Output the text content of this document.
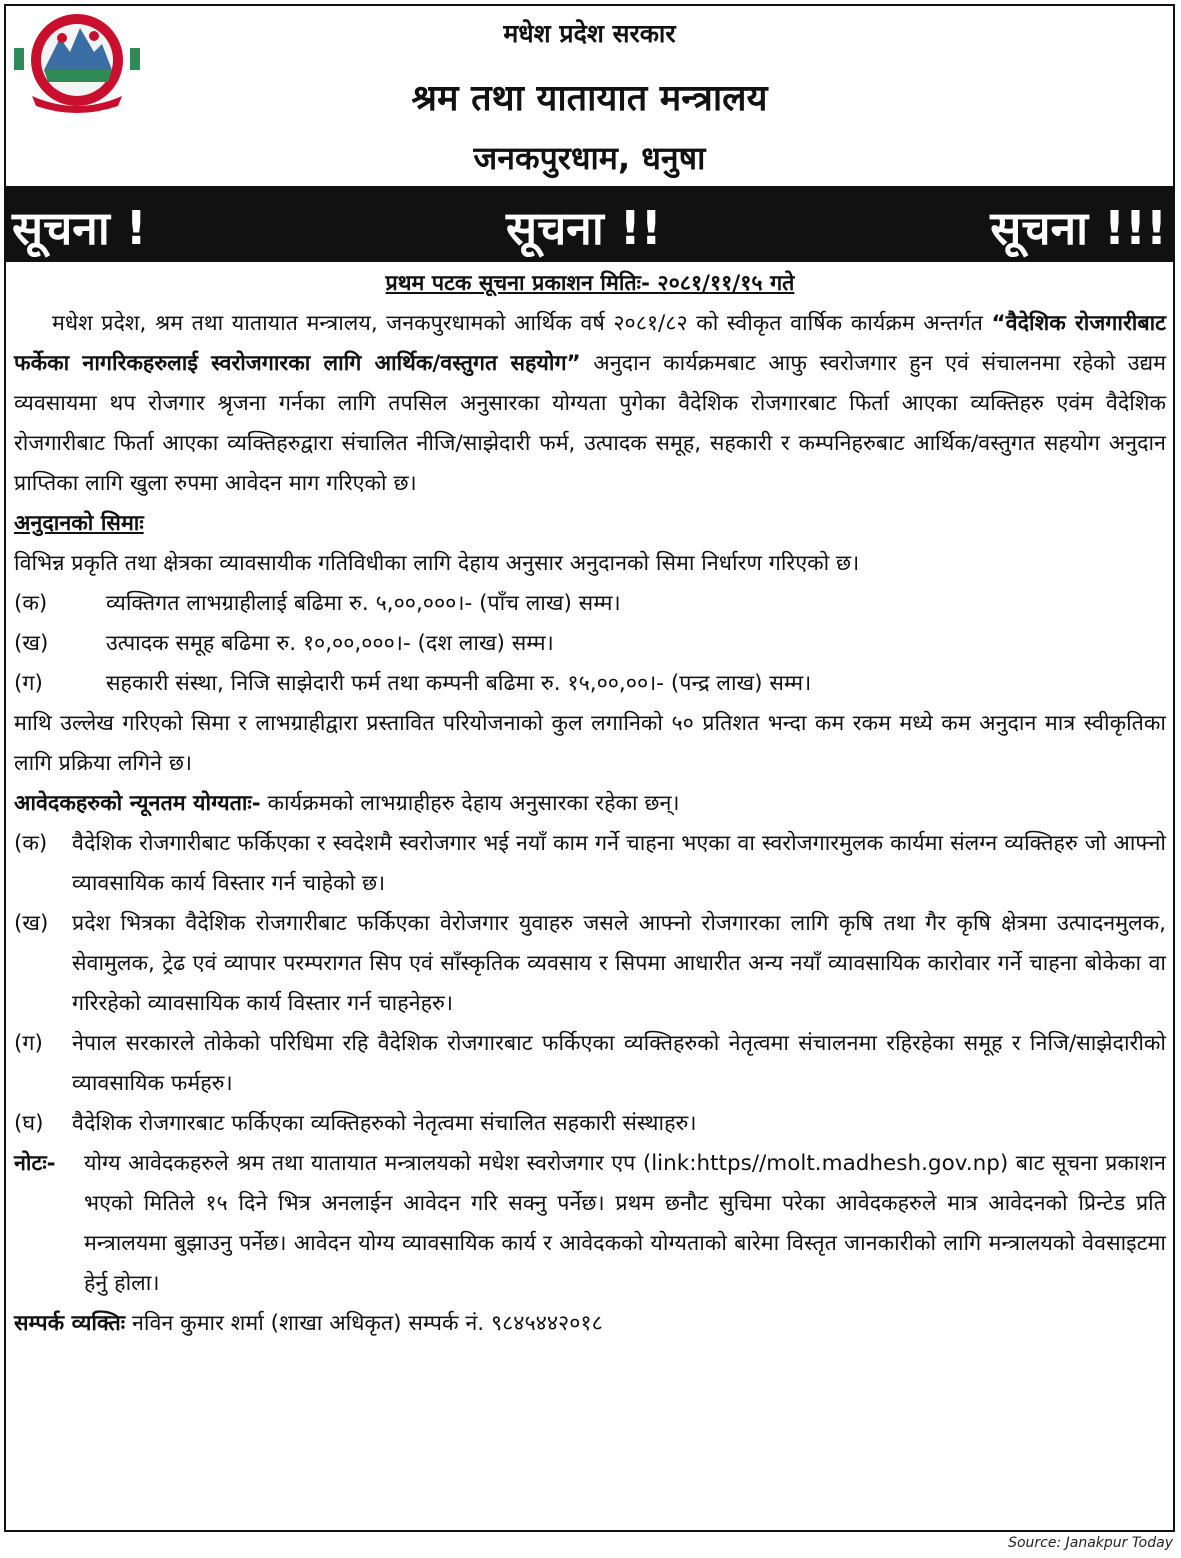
मधेश प्रदेश सरकार
श्रम तथा यातायात मन्त्रालय
जनकपुरधाम, धनुषा
सूचना !	सूचना !!	सूचना !!!
प्रथम पटक सूचना प्रकाशन मितिः- २०८१/११/१५ गते

मधेश प्रदेश, श्रम तथा यातायात मन्त्रालय, जनकपुरधामको आर्थिक वर्ष २०८१/८२ को स्वीकृत वार्षिक कार्यक्रम अन्तर्गत “वैदेशिक रोजगारीबाट फर्केका नागरिकहरुलाई स्वरोजगारका लागि आर्थिक/वस्तुगत सहयोग” अनुदान कार्यक्रमबाट आफु स्वरोजगार हुन एवं संचालनमा रहेको उद्यम व्यवसायमा थप रोजगार श्रृजना गर्नका लागि तपसिल अनुसारका योग्यता पुगेका वैदेशिक रोजगारबाट फिर्ता आएका व्यक्तिहरु एवंम वैदेशिक रोजगारीबाट फिर्ता आएका व्यक्तिहरुद्वारा संचालित नीजि/साझेदारी फर्म, उत्पादक समूह, सहकारी र कम्पनिहरुबाट आर्थिक/वस्तुगत सहयोग अनुदान प्राप्तिका लागि खुला रुपमा आवेदन माग गरिएको छ।

अनुदानको सिमाः

विभिन्न प्रकृति तथा क्षेत्रका व्यावसायीक गतिविधीका लागि देहाय अनुसार अनुदानको सिमा निर्धारण गरिएको छ।

(क)	व्यक्तिगत लाभग्राहीलाई बढिमा रु. ५,००,०००।- (पाँच लाख) सम्म।
(ख)	उत्पादक समूह बढिमा रु. १०,००,०००।- (दश लाख) सम्म।
(ग)	सहकारी संस्था, निजि साझेदारी फर्म तथा कम्पनी बढिमा रु. १५,००,००।- (पन्द्र लाख) सम्म।

माथि उल्लेख गरिएको सिमा र लाभग्राहीद्वारा प्रस्तावित परियोजनाको कुल लगानिको ५० प्रतिशत भन्दा कम रकम मध्ये कम अनुदान मात्र स्वीकृतिका लागि प्रक्रिया लगिने छ।

आवेदकहरुको न्यूनतम योग्यताः- कार्यक्रमको लाभग्राहीहरु देहाय अनुसारका रहेका छन्।

(क)	वैदेशिक रोजगारीबाट फर्किएका र स्वदेशमै स्वरोजगार भई नयाँ काम गर्ने चाहना भएका वा स्वरोजगारमुलक कार्यमा संलग्न व्यक्तिहरु जो आफ्नो व्यावसायिक कार्य विस्तार गर्न चाहेको छ।
(ख)	प्रदेश भित्रका वैदेशिक रोजगारीबाट फर्किएका वेरोजगार युवाहरु जसले आफ्नो रोजगारका लागि कृषि तथा गैर कृषि क्षेत्रमा उत्पादनमुलक, सेवामुलक, ट्रेढ एवं व्यापार परम्परागत सिप एवं साँस्कृतिक व्यवसाय र सिपमा आधारीत अन्य नयाँ व्यावसायिक कारोवार गर्ने चाहना बोकेका वा गरिरहेको व्यावसायिक कार्य विस्तार गर्न चाहनेहरु।
(ग)	नेपाल सरकारले तोकेको परिधिमा रहि वैदेशिक रोजगारबाट फर्किएका व्यक्तिहरुको नेतृत्वमा संचालनमा रहिरहेका समूह र निजि/साझेदारीको व्यावसायिक फर्महरु।
(घ)	वैदेशिक रोजगारबाट फर्किएका व्यक्तिहरुको नेतृत्वमा संचालित सहकारी संस्थाहरु।
नोटः-	योग्य आवेदकहरुले श्रम तथा यातायात मन्त्रालयको मधेश स्वरोजगार एप (link:https//molt.madhesh.gov.np) बाट सूचना प्रकाशन भएको मितिले १५ दिने भित्र अनलाईन आवेदन गरि सक्नु पर्नेछ। प्रथम छनौट सुचिमा परेका आवेदकहरुले मात्र आवेदनको प्रिन्टेड प्रति मन्त्रालयमा बुझाउनु पर्नेछ। आवेदन योग्य व्यावसायिक कार्य र आवेदकको योग्यताको बारेमा विस्तृत जानकारीको लागि मन्त्रालयको वेवसाइटमा हेर्नु होला।

सम्पर्क व्यक्तिः नविन कुमार शर्मा (शाखा अधिकृत) सम्पर्क नं. ९८४५४४२०१८

Source: Janakpur Today
